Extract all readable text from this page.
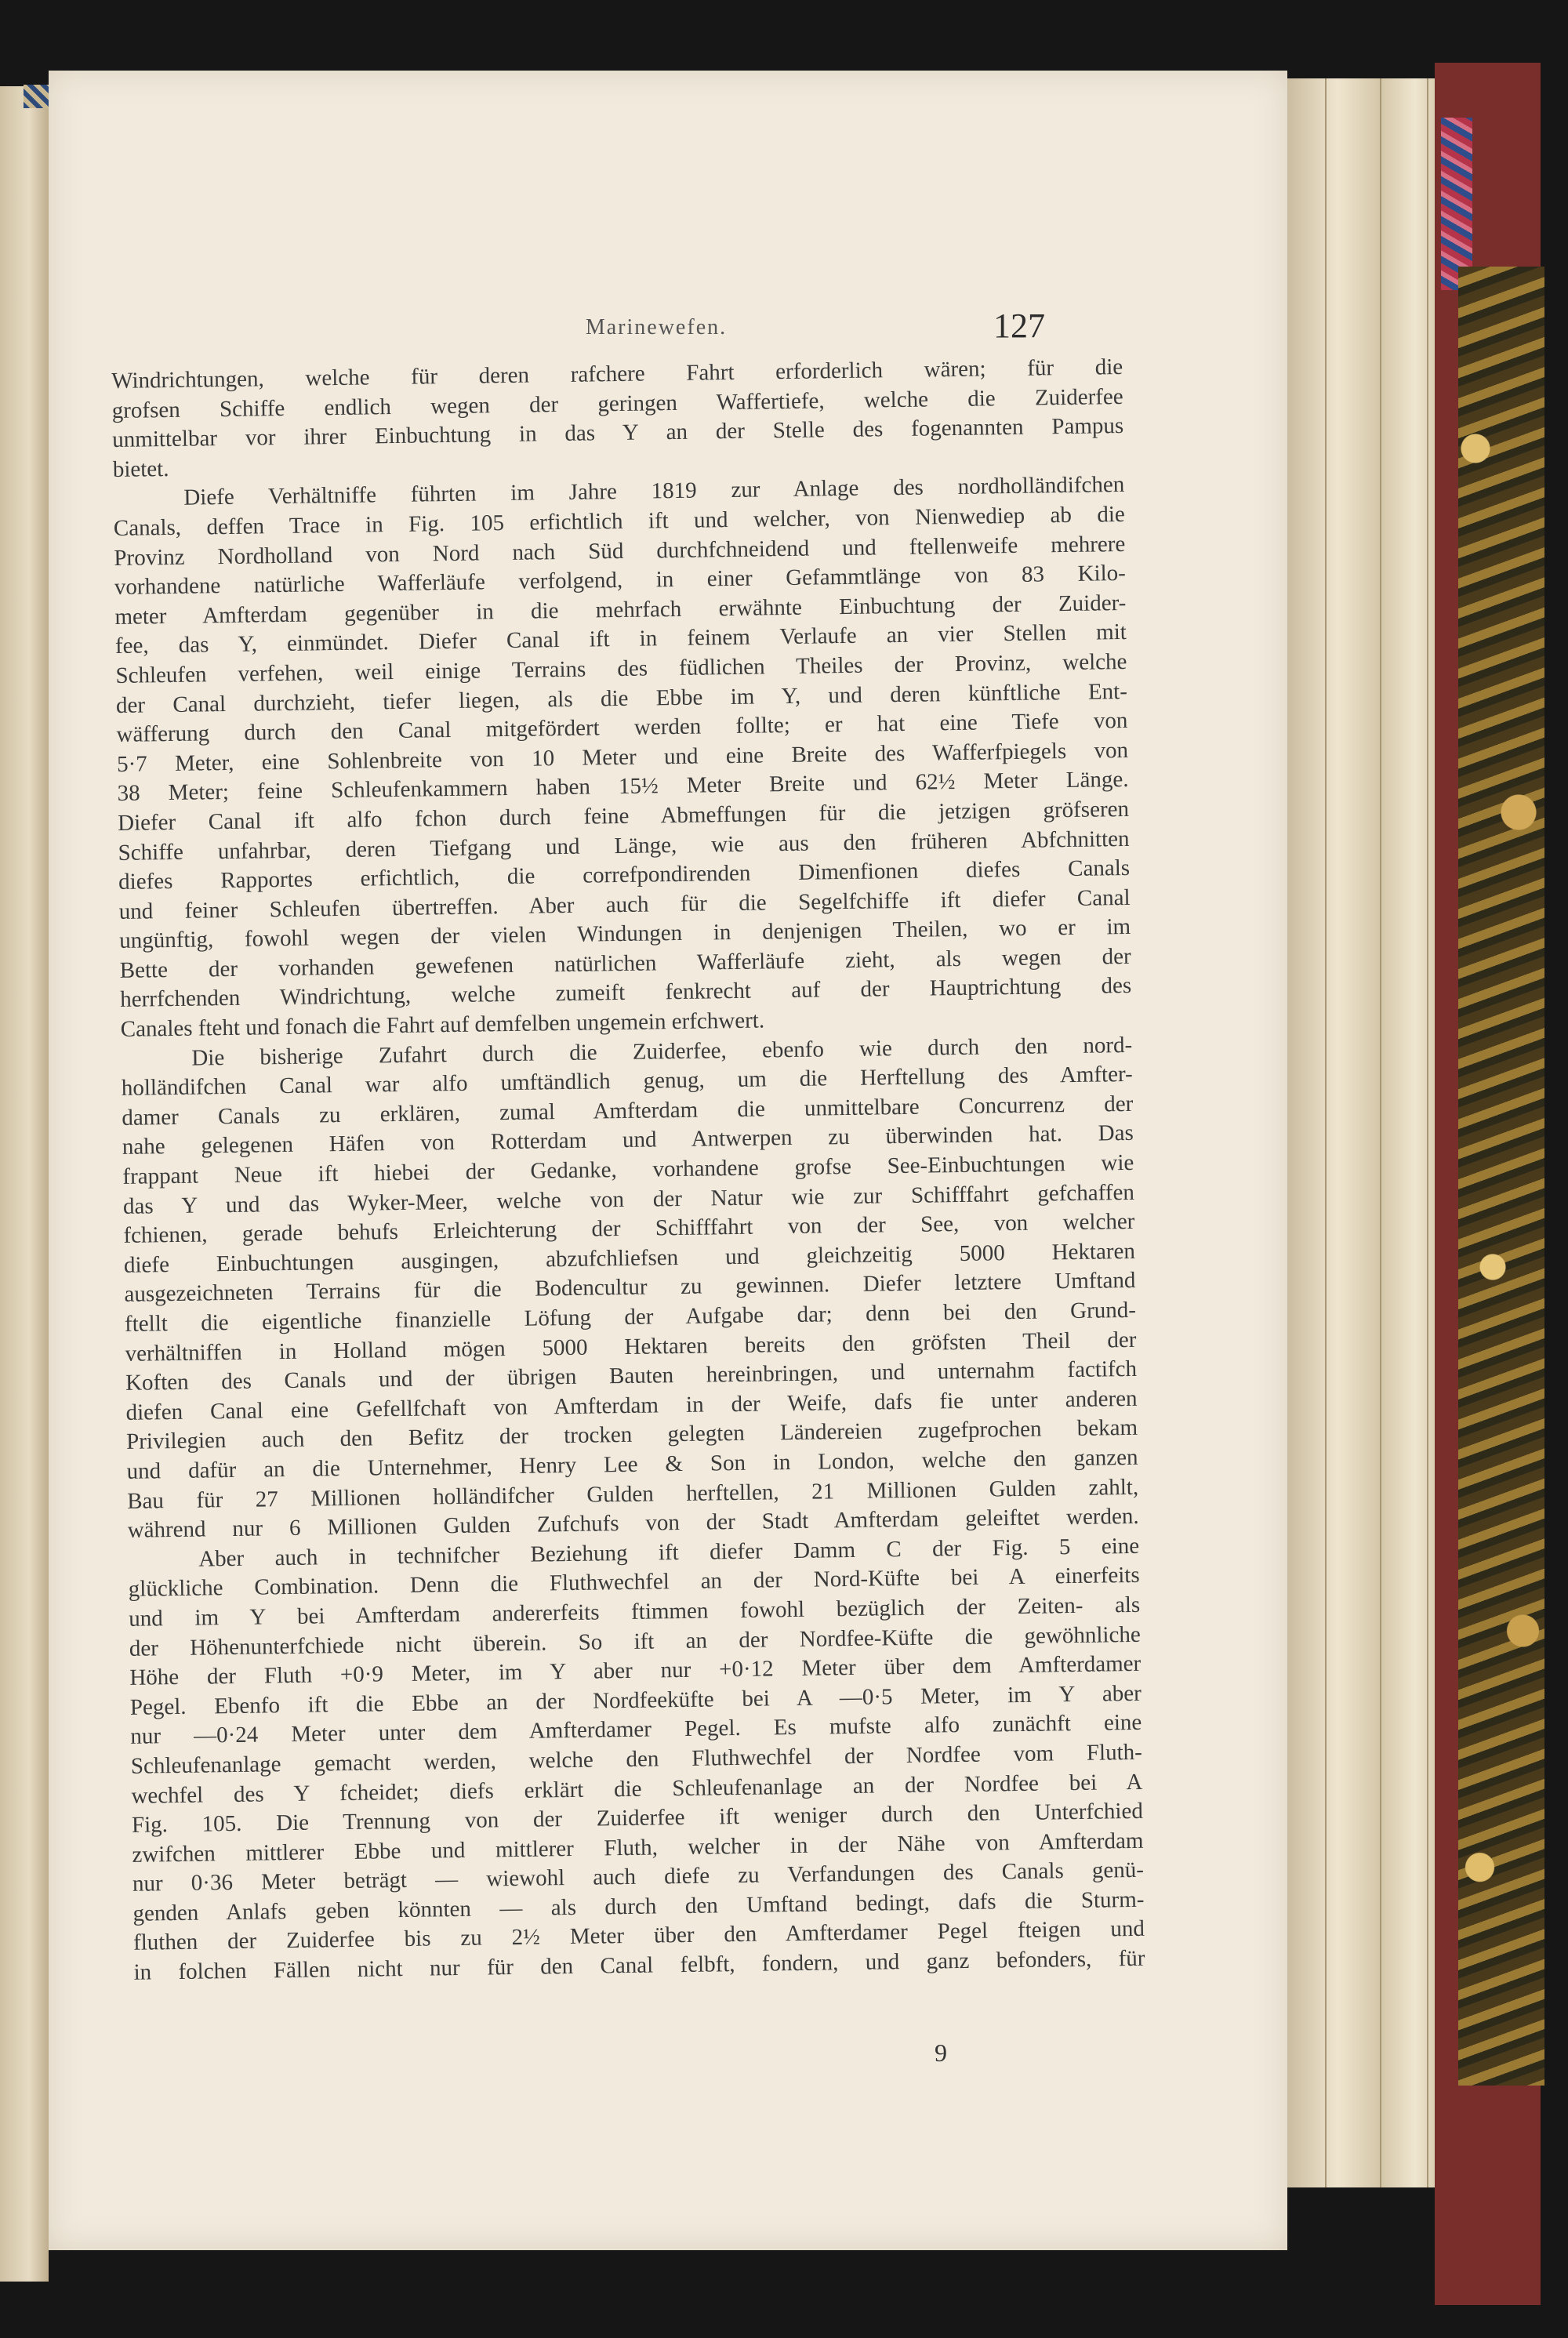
Marinewefen.	127
Windrichtungen, welche für deren rafchere Fahrt erforderlich wären; für die
grofsen Schiffe endlich wegen der geringen Waffertiefe, welche die Zuiderfee
unmittelbar vor ihrer Einbuchtung in das Y an der Stelle des fogenannten Pampus
bietet.
Diefe Verhältniffe führten im Jahre 1819 zur Anlage des nordholländifchen
Canals, deffen Trace in Fig. 105 erfichtlich ift und welcher, von Nienwediep ab die
Provinz Nordholland von Nord nach Süd durchfchneidend und ftellenweife mehrere
vorhandene natürliche Wafferläufe verfolgend, in einer Gefammtlänge von 83 Kilo-
meter Amfterdam gegenüber in die mehrfach erwähnte Einbuchtung der Zuider-
fee, das Y, einmündet. Diefer Canal ift in feinem Verlaufe an vier Stellen mit
Schleufen verfehen, weil einige Terrains des füdlichen Theiles der Provinz, welche
der Canal durchzieht, tiefer liegen, als die Ebbe im Y, und deren künftliche Ent-
wäfferung durch den Canal mitgefördert werden follte; er hat eine Tiefe von
5·7 Meter, eine Sohlenbreite von 10 Meter und eine Breite des Wafferfpiegels von
38 Meter; feine Schleufenkammern haben 15½ Meter Breite und 62½ Meter Länge.
Diefer Canal ift alfo fchon durch feine Abmeffungen für die jetzigen gröfseren
Schiffe unfahrbar, deren Tiefgang und Länge, wie aus den früheren Abfchnitten
diefes Rapportes erfichtlich, die correfpondirenden Dimenfionen diefes Canals
und feiner Schleufen übertreffen. Aber auch für die Segelfchiffe ift diefer Canal
ungünftig, fowohl wegen der vielen Windungen in denjenigen Theilen, wo er im
Bette der vorhanden gewefenen natürlichen Wafferläufe zieht, als wegen der
herrfchenden Windrichtung, welche zumeift fenkrecht auf der Hauptrichtung des
Canales fteht und fonach die Fahrt auf demfelben ungemein erfchwert.
Die bisherige Zufahrt durch die Zuiderfee, ebenfo wie durch den nord-
holländifchen Canal war alfo umftändlich genug, um die Herftellung des Amfter-
damer Canals zu erklären, zumal Amfterdam die unmittelbare Concurrenz der
nahe gelegenen Häfen von Rotterdam und Antwerpen zu überwinden hat. Das
frappant Neue ift hiebei der Gedanke, vorhandene grofse See-Einbuchtungen wie
das Y und das Wyker-Meer, welche von der Natur wie zur Schifffahrt gefchaffen
fchienen, gerade behufs Erleichterung der Schifffahrt von der See, von welcher
diefe Einbuchtungen ausgingen, abzufchliefsen und gleichzeitig 5000 Hektaren
ausgezeichneten Terrains für die Bodencultur zu gewinnen. Diefer letztere Umftand
ftellt die eigentliche finanzielle Löfung der Aufgabe dar; denn bei den Grund-
verhältniffen in Holland mögen 5000 Hektaren bereits den gröfsten Theil der
Koften des Canals und der übrigen Bauten hereinbringen, und unternahm factifch
diefen Canal eine Gefellfchaft von Amfterdam in der Weife, dafs fie unter anderen
Privilegien auch den Befitz der trocken gelegten Ländereien zugefprochen bekam
und dafür an die Unternehmer, Henry Lee & Son in London, welche den ganzen
Bau für 27 Millionen holländifcher Gulden herftellen, 21 Millionen Gulden zahlt,
während nur 6 Millionen Gulden Zufchufs von der Stadt Amfterdam geleiftet werden.
Aber auch in technifcher Beziehung ift diefer Damm C der Fig. 5 eine
glückliche Combination. Denn die Fluthwechfel an der Nord-Küfte bei A einerfeits
und im Y bei Amfterdam andererfeits ftimmen fowohl bezüglich der Zeiten- als
der Höhenunterfchiede nicht überein. So ift an der Nordfee-Küfte die gewöhnliche
Höhe der Fluth +0·9 Meter, im Y aber nur +0·12 Meter über dem Amfterdamer
Pegel. Ebenfo ift die Ebbe an der Nordfeeküfte bei A —0·5 Meter, im Y aber
nur —0·24 Meter unter dem Amfterdamer Pegel. Es mufste alfo zunächft eine
Schleufenanlage gemacht werden, welche den Fluthwechfel der Nordfee vom Fluth-
wechfel des Y fcheidet; diefs erklärt die Schleufenanlage an der Nordfee bei A
Fig. 105. Die Trennung von der Zuiderfee ift weniger durch den Unterfchied
zwifchen mittlerer Ebbe und mittlerer Fluth, welcher in der Nähe von Amfterdam
nur 0·36 Meter beträgt — wiewohl auch diefe zu Verfandungen des Canals genü-
genden Anlafs geben könnten — als durch den Umftand bedingt, dafs die Sturm-
fluthen der Zuiderfee bis zu 2½ Meter über den Amfterdamer Pegel fteigen und
in folchen Fällen nicht nur für den Canal felbft, fondern, und ganz befonders, für
9
